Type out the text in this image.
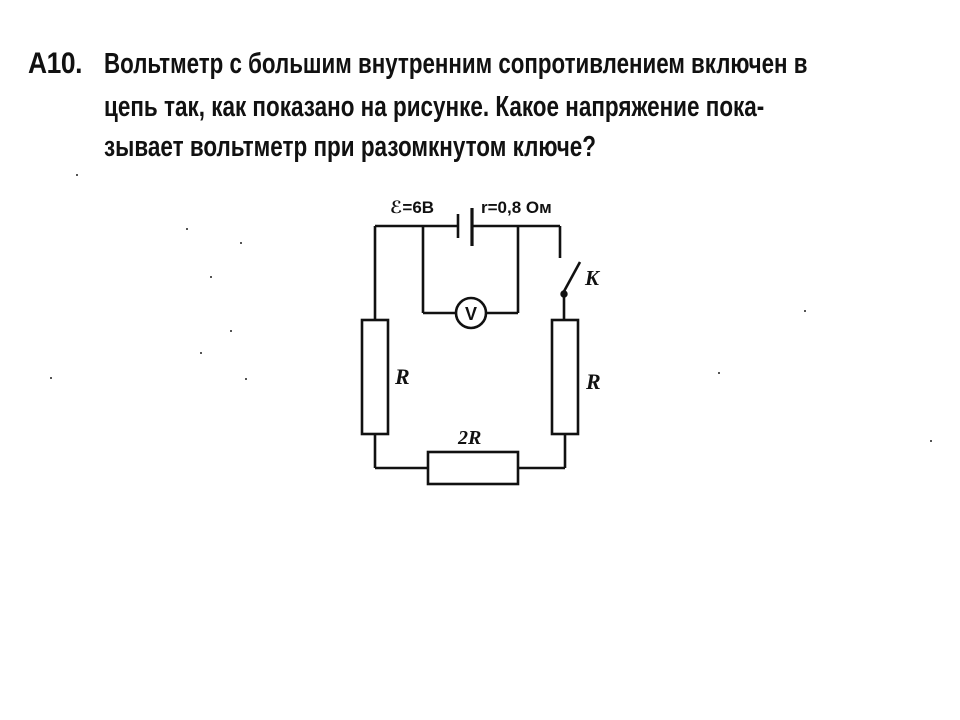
A10. Вольтметр с большим внутренним сопротивлением включен в
цепь так, как показано на рисунке. Какое напряжение пока-
зывает вольтметр при разомкнутом ключе?
V
R
K
R
2R
ℰ=6В	r=0,8 Ом
